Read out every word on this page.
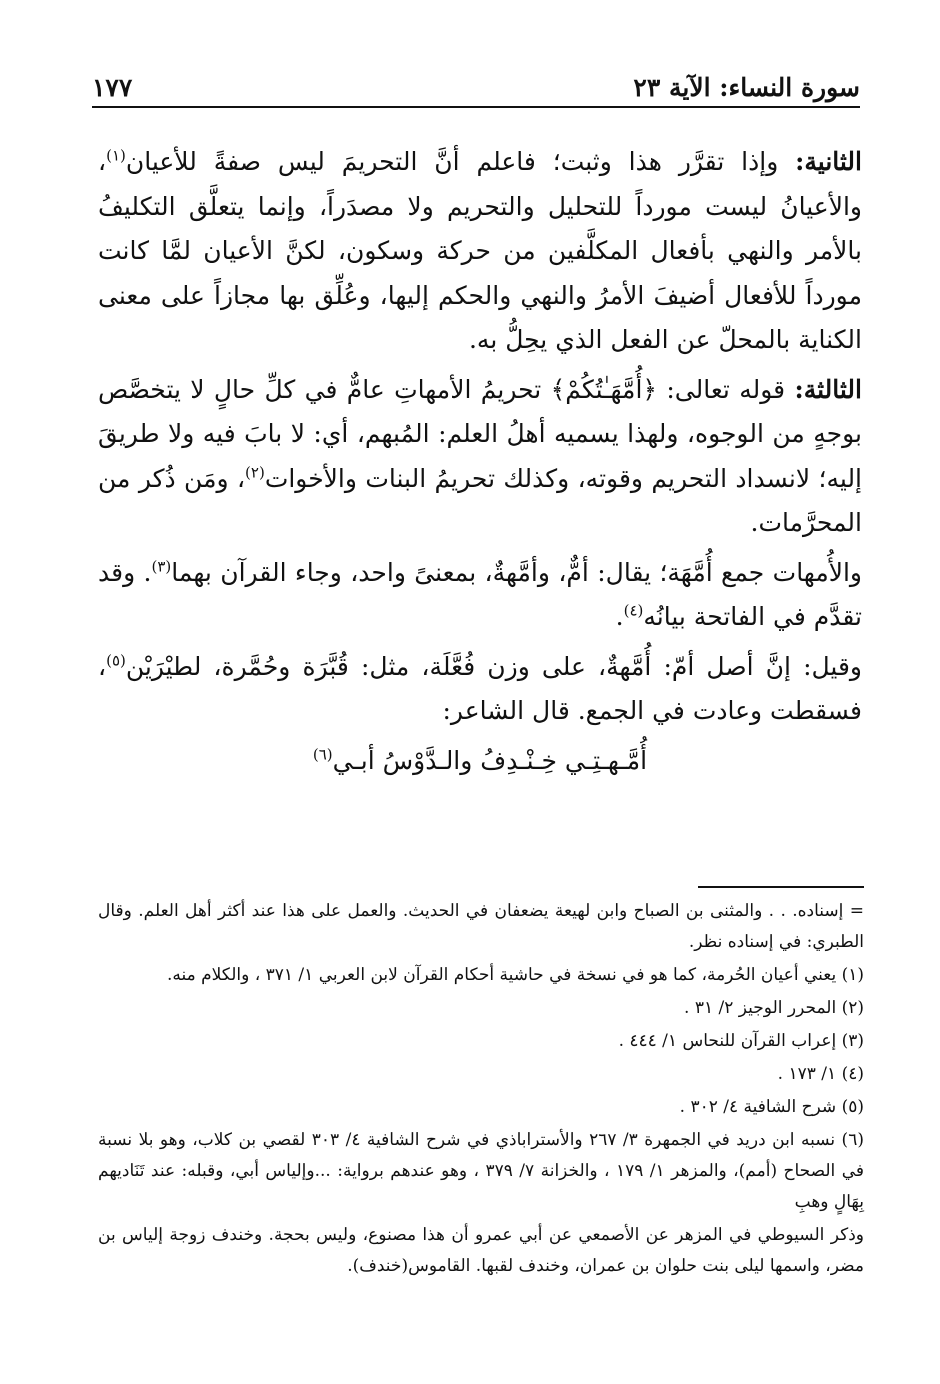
سورة النساء: الآية ٢٣
١٧٧

الثانية: وإذا تقرَّر هذا وثبت؛ فاعلم أنَّ التحريمَ ليس صفةً للأعيان$^{(١)}$، والأعيانُ ليست مورداً للتحليل والتحريم ولا مصدَراً، وإنما يتعلَّق التكليفُ بالأمر والنهي بأفعال المكلَّفين من حركة وسكون، لكنَّ الأعيان لمَّا كانت مورداً للأفعال أضيفَ الأمرُ والنهي والحكم إليها، وعُلِّق بها مجازاً على معنى الكناية بالمحلّ عن الفعل الذي يحِلُّ به.

الثالثة: قوله تعالى: ﴿أُمَّهَـٰتُكُمْ﴾ تحريمُ الأمهاتِ عامٌّ في كلِّ حالٍ لا يتخصَّص بوجهٍ من الوجوه، ولهذا يسميه أهلُ العلم: المُبهم، أي: لا بابَ فيه ولا طريقَ إليه؛ لانسداد التحريم وقوته، وكذلك تحريمُ البنات والأخوات$^{(٢)}$، ومَن ذُكر من المحرَّمات.

والأُمهات جمع أُمَّهَة؛ يقال: أمٌّ، وأمَّهةٌ، بمعنىً واحد، وجاء القرآن بهما$^{(٣)}$. وقد تقدَّم في الفاتحة بيانُه$^{(٤)}$.

وقيل: إنَّ أصل أمّ: أُمَّهةٌ، على وزن فُعَّلَة، مثل: قُبَّرَة وحُمَّرة، لطيْرَيْن$^{(٥)}$، فسقطت وعادت في الجمع. قال الشاعر:

أُمَّـهـتِـي خِـنْـدِفُ والـدَّوْسُ أبـي$^{(٦)}$

= إسناده. . . والمثنى بن الصباح وابن لهيعة يضعفان في الحديث. والعمل على هذا عند أكثر أهل العلم. وقال الطبري: في إسناده نظر.

(١) يعني أعيان الحُرمة، كما هو في نسخة في حاشية أحكام القرآن لابن العربي ١/ ٣٧١ ، والكلام منه.

(٢) المحرر الوجيز ٢/ ٣١ .

(٣) إعراب القرآن للنحاس ١/ ٤٤٤ .

(٤) ١/ ١٧٣ .

(٥) شرح الشافية ٤/ ٣٠٢ .

(٦) نسبه ابن دريد في الجمهرة ٣/ ٢٦٧ والأستراباذي في شرح الشافية ٤/ ٣٠٣ لقصي بن كلاب، وهو بلا نسبة في الصحاح (أمم)، والمزهر ١/ ١٧٩ ، والخزانة ٧/ ٣٧٩ ، وهو عندهم برواية: ...وإلياس أبي، وقبله: عند تَنَاديهم بِهَالٍ وهبِ

وذكر السيوطي في المزهر عن الأصمعي عن أبي عمرو أن هذا مصنوع، وليس بحجة. وخندف زوجة إلياس بن مضر، واسمها ليلى بنت حلوان بن عمران، وخندف لقبها. القاموس(خندف).
